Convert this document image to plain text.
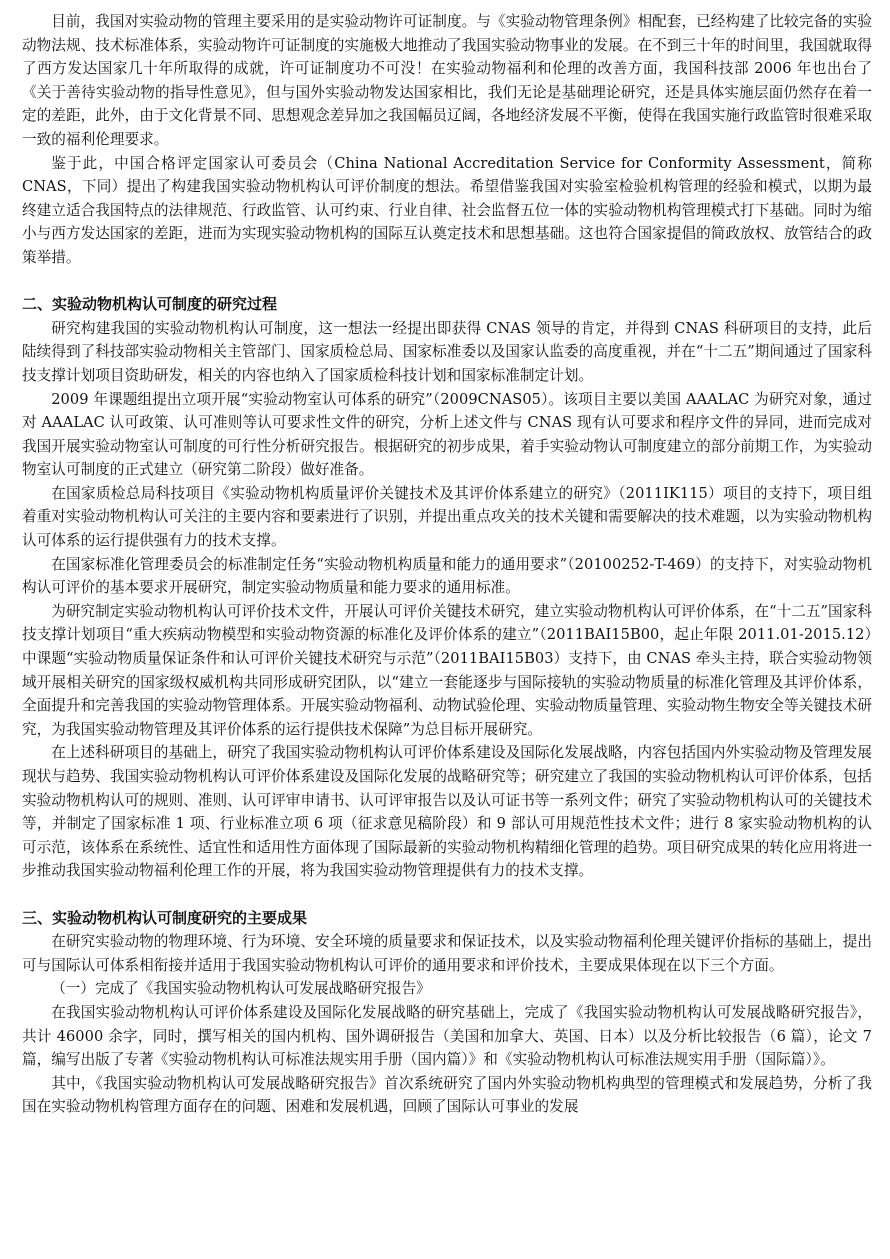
目前，我国对实验动物的管理主要采用的是实验动物许可证制度。与《实验动物管理条例》相配套，已经构建了比较完备的实验动物法规、技术标准体系，实验动物许可证制度的实施极大地推动了我国实验动物事业的发展。在不到三十年的时间里，我国就取得了西方发达国家几十年所取得的成就，许可证制度功不可没！在实验动物福利和伦理的改善方面，我国科技部 2006 年也出台了《关于善待实验动物的指导性意见》，但与国外实验动物发达国家相比，我们无论是基础理论研究，还是具体实施层面仍然存在着一定的差距，此外，由于文化背景不同、思想观念差异加之我国幅员辽阔，各地经济发展不平衡，使得在我国实施行政监管时很难采取一致的福利伦理要求。

鉴于此，中国合格评定国家认可委员会（China National Accreditation Service for Conformity Assessment，简称 CNAS，下同）提出了构建我国实验动物机构认可评价制度的想法。希望借鉴我国对实验室检验机构管理的经验和模式，以期为最终建立适合我国特点的法律规范、行政监管、认可约束、行业自律、社会监督五位一体的实验动物机构管理模式打下基础。同时为缩小与西方发达国家的差距，进而为实现实验动物机构的国际互认奠定技术和思想基础。这也符合国家提倡的简政放权、放管结合的政策举措。

二、实验动物机构认可制度的研究过程

研究构建我国的实验动物机构认可制度，这一想法一经提出即获得 CNAS 领导的肯定，并得到 CNAS 科研项目的支持，此后陆续得到了科技部实验动物相关主管部门、国家质检总局、国家标准委以及国家认监委的高度重视，并在“十二五”期间通过了国家科技支撑计划项目资助研发，相关的内容也纳入了国家质检科技计划和国家标准制定计划。

2009 年课题组提出立项开展“实验动物室认可体系的研究”（2009CNAS05）。该项目主要以美国 AAALAC 为研究对象，通过对 AAALAC 认可政策、认可准则等认可要求性文件的研究，分析上述文件与 CNAS 现有认可要求和程序文件的异同，进而完成对我国开展实验动物室认可制度的可行性分析研究报告。根据研究的初步成果，着手实验动物认可制度建立的部分前期工作，为实验动物室认可制度的正式建立（研究第二阶段）做好准备。

在国家质检总局科技项目《实验动物机构质量评价关键技术及其评价体系建立的研究》（2011IK115）项目的支持下，项目组着重对实验动物机构认可关注的主要内容和要素进行了识别，并提出重点攻关的技术关键和需要解决的技术难题，以为实验动物机构认可体系的运行提供强有力的技术支撑。

在国家标准化管理委员会的标准制定任务“实验动物机构质量和能力的通用要求”（20100252-T-469）的支持下，对实验动物机构认可评价的基本要求开展研究，制定实验动物质量和能力要求的通用标准。

为研究制定实验动物机构认可评价技术文件，开展认可评价关键技术研究，建立实验动物机构认可评价体系，在“十二五”国家科技支撑计划项目“重大疾病动物模型和实验动物资源的标准化及评价体系的建立”（2011BAI15B00，起止年限 2011.01-2015.12）中课题“实验动物质量保证条件和认可评价关键技术研究与示范”（2011BAI15B03）支持下，由 CNAS 牵头主持，联合实验动物领域开展相关研究的国家级权威机构共同形成研究团队，以“建立一套能逐步与国际接轨的实验动物质量的标准化管理及其评价体系，全面提升和完善我国的实验动物管理体系。开展实验动物福利、动物试验伦理、实验动物质量管理、实验动物生物安全等关键技术研究，为我国实验动物管理及其评价体系的运行提供技术保障”为总目标开展研究。

在上述科研项目的基础上，研究了我国实验动物机构认可评价体系建设及国际化发展战略，内容包括国内外实验动物及管理发展现状与趋势、我国实验动物机构认可评价体系建设及国际化发展的战略研究等；研究建立了我国的实验动物机构认可评价体系，包括实验动物机构认可的规则、准则、认可评审申请书、认可评审报告以及认可证书等一系列文件；研究了实验动物机构认可的关键技术等，并制定了国家标准 1 项、行业标准立项 6 项（征求意见稿阶段）和 9 部认可用规范性技术文件；进行 8 家实验动物机构的认可示范，该体系在系统性、适宜性和适用性方面体现了国际最新的实验动物机构精细化管理的趋势。项目研究成果的转化应用将进一步推动我国实验动物福利伦理工作的开展，将为我国实验动物管理提供有力的技术支撑。

三、实验动物机构认可制度研究的主要成果

在研究实验动物的物理环境、行为环境、安全环境的质量要求和保证技术，以及实验动物福利伦理关键评价指标的基础上，提出可与国际认可体系相衔接并适用于我国实验动物机构认可评价的通用要求和评价技术，主要成果体现在以下三个方面。

（一）完成了《我国实验动物机构认可发展战略研究报告》

在我国实验动物机构认可评价体系建设及国际化发展战略的研究基础上，完成了《我国实验动物机构认可发展战略研究报告》，共计 46000 余字，同时，撰写相关的国内机构、国外调研报告（美国和加拿大、英国、日本）以及分析比较报告（6 篇），论文 7 篇，编写出版了专著《实验动物机构认可标准法规实用手册（国内篇）》和《实验动物机构认可标准法规实用手册（国际篇）》。

其中，《我国实验动物机构认可发展战略研究报告》首次系统研究了国内外实验动物机构典型的管理模式和发展趋势，分析了我国在实验动物机构管理方面存在的问题、困难和发展机遇，回顾了国际认可事业的发展
